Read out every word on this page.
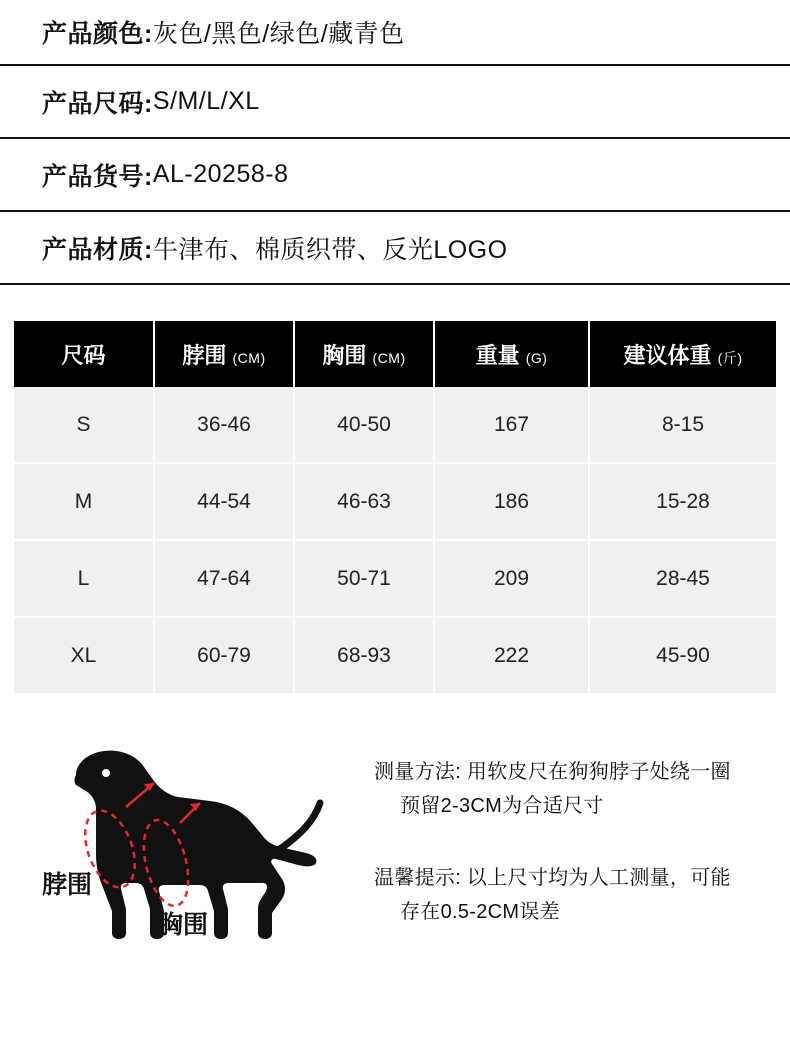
产品颜色: 灰色/黑色/绿色/藏青色
产品尺码: S/M/L/XL
产品货号: AL-20258-8
产品材质: 牛津布、棉质织带、反光LOGO
尺码	脖围 (CM)	胸围 (CM)	重量 (G)	建议体重 (斤)
S	36-46	40-50	167	8-15
M	44-54	46-63	186	15-28
L	47-64	50-71	209	28-45
XL	60-79	68-93	222	45-90
脖围
胸围
测量方法: 用软皮尺在狗狗脖子处绕一圈
预留2-3CM为合适尺寸
温馨提示: 以上尺寸均为人工测量，可能
存在0.5-2CM误差
